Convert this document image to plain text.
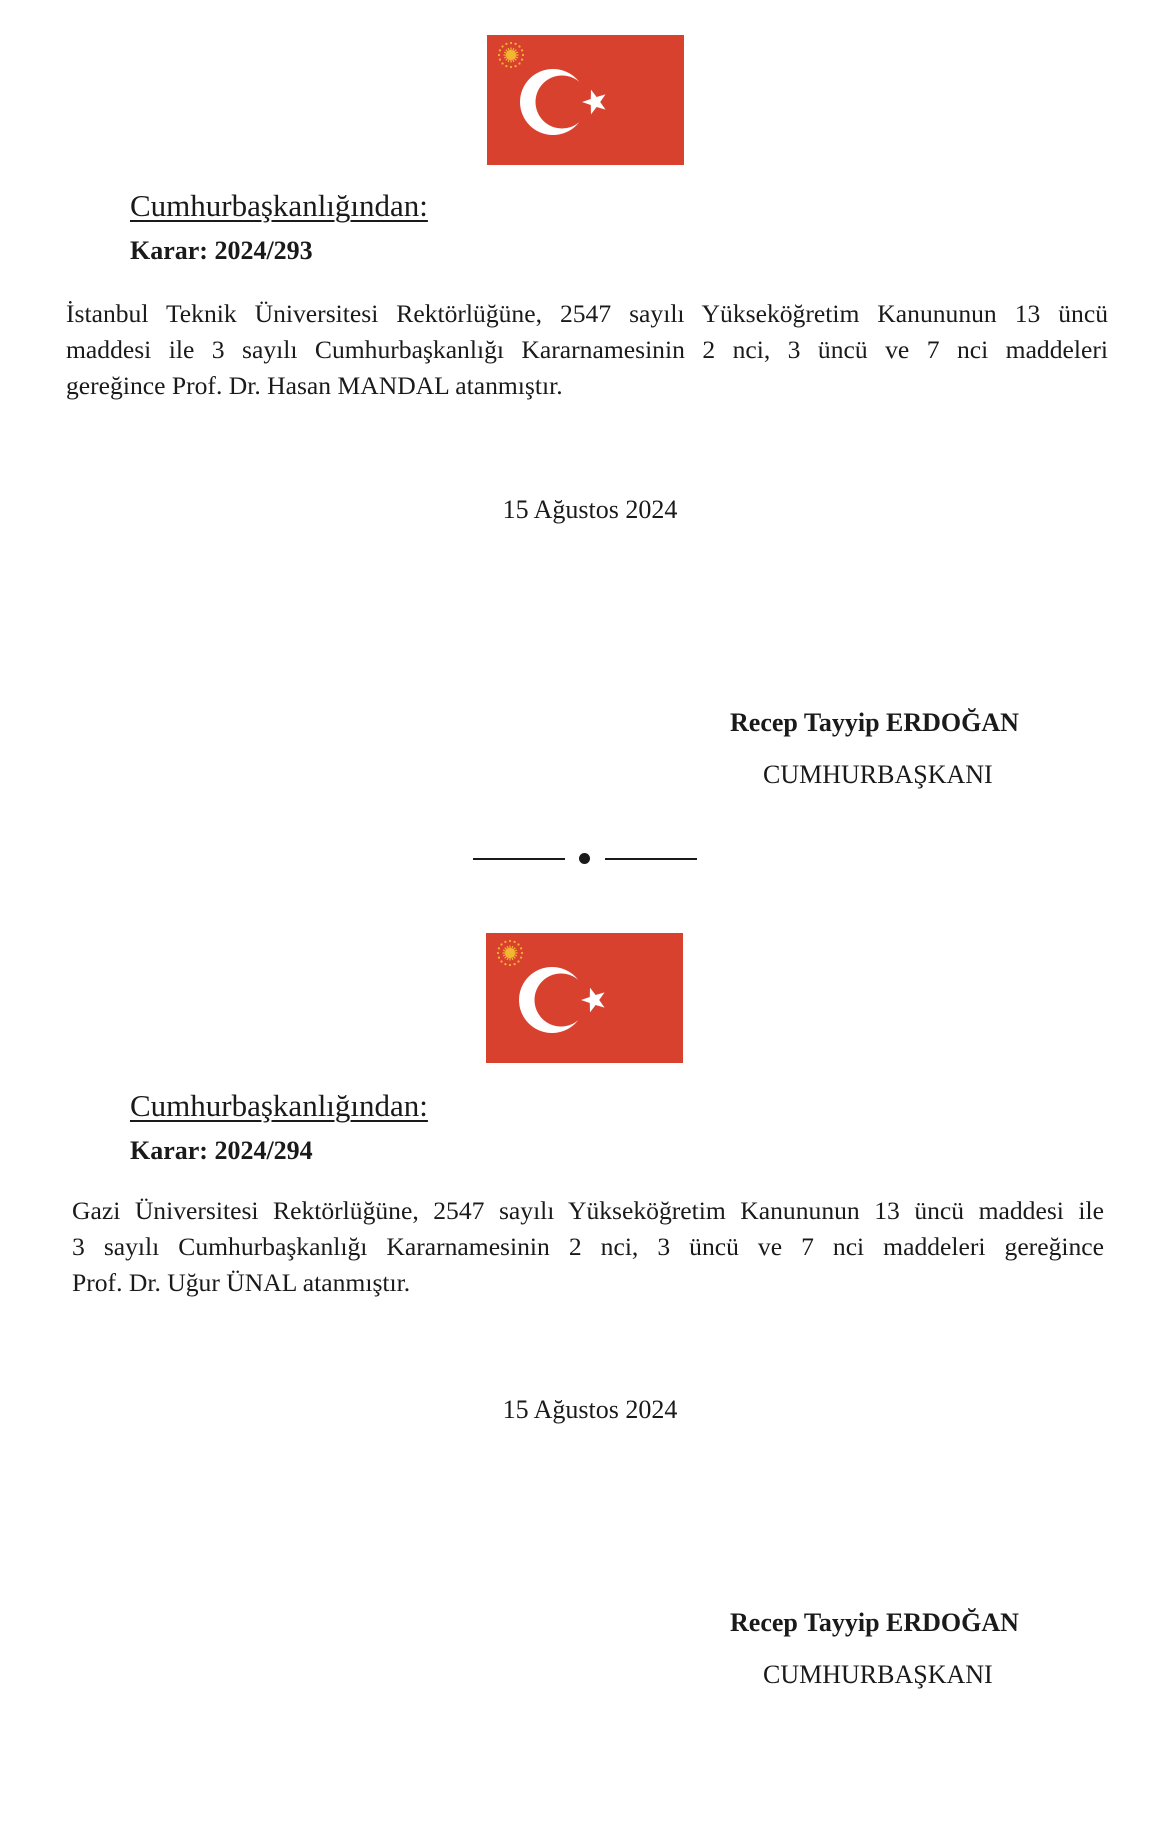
Cumhurbaşkanlığından:
Karar: 2024/293
İstanbul Teknik Üniversitesi Rektörlüğüne, 2547 sayılı Yükseköğretim Kanununun 13 üncü
maddesi ile 3 sayılı Cumhurbaşkanlığı Kararnamesinin 2 nci, 3 üncü ve 7 nci maddeleri
gereğince Prof. Dr. Hasan MANDAL atanmıştır.
15 Ağustos 2024
Recep Tayyip ERDOĞAN
CUMHURBAŞKANI
Cumhurbaşkanlığından:
Karar: 2024/294
Gazi Üniversitesi Rektörlüğüne, 2547 sayılı Yükseköğretim Kanununun 13 üncü maddesi ile
3 sayılı Cumhurbaşkanlığı Kararnamesinin 2 nci, 3 üncü ve 7 nci maddeleri gereğince
Prof. Dr. Uğur ÜNAL atanmıştır.
15 Ağustos 2024
Recep Tayyip ERDOĞAN
CUMHURBAŞKANI
